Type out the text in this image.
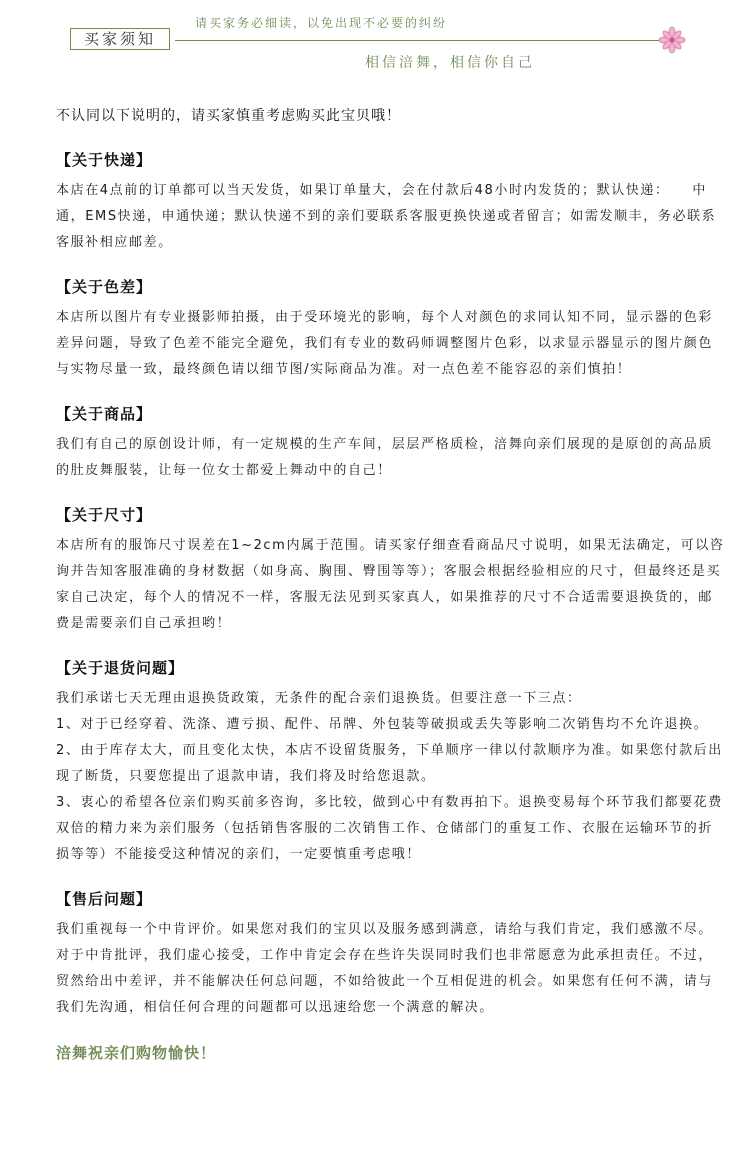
买家须知
请买家务必细读，以免出现不必要的纠纷
相信涪舞，相信你自己

不认同以下说明的，请买家慎重考虑购买此宝贝哦！

【关于快递】

本店在4点前的订单都可以当天发货，如果订单量大，会在付款后48小时内发货的；默认快递：　　中通，EMS快递，申通快递；默认快递不到的亲们要联系客服更换快递或者留言；如需发顺丰，务必联系客服补相应邮差。

【关于色差】

本店所以图片有专业摄影师拍摄，由于受环境光的影响，每个人对颜色的求同认知不同，显示器的色彩差异问题，导致了色差不能完全避免，我们有专业的数码师调整图片色彩，以求显示器显示的图片颜色与实物尽量一致，最终颜色请以细节图/实际商品为准。对一点色差不能容忍的亲们慎拍！

【关于商品】

我们有自己的原创设计师，有一定规模的生产车间，层层严格质检，涪舞向亲们展现的是原创的高品质的肚皮舞服装，让每一位女士都爱上舞动中的自己！

【关于尺寸】

本店所有的服饰尺寸误差在1~2cm内属于范围。请买家仔细查看商品尺寸说明，如果无法确定，可以咨询并告知客服准确的身材数据（如身高、胸围、臀围等等）；客服会根据经验相应的尺寸，但最终还是买家自己决定，每个人的情况不一样，客服无法见到买家真人，如果推荐的尺寸不合适需要退换货的，邮费是需要亲们自己承担哟！

【关于退货问题】

我们承诺七天无理由退换货政策，无条件的配合亲们退换货。但要注意一下三点：

1、对于已经穿着、洗涤、遭亏损、配件、吊牌、外包装等破损或丢失等影响二次销售均不允许退换。

2、由于库存太大，而且变化太快，本店不设留货服务，下单顺序一律以付款顺序为准。如果您付款后出现了断货，只要您提出了退款申请，我们将及时给您退款。

3、衷心的希望各位亲们购买前多咨询，多比较，做到心中有数再拍下。退换变易每个环节我们都要花费双倍的精力来为亲们服务（包括销售客服的二次销售工作、仓储部门的重复工作、衣服在运输环节的折损等等）不能接受这种情况的亲们，一定要慎重考虑哦！

【售后问题】

我们重视每一个中肯评价。如果您对我们的宝贝以及服务感到满意，请给与我们肯定，我们感激不尽。对于中肯批评，我们虚心接受，工作中肯定会存在些许失误同时我们也非常愿意为此承担责任。不过，贸然给出中差评，并不能解决任何总问题，不如给彼此一个互相促进的机会。如果您有任何不满，请与我们先沟通，相信任何合理的问题都可以迅速给您一个满意的解决。

涪舞祝亲们购物愉快！
